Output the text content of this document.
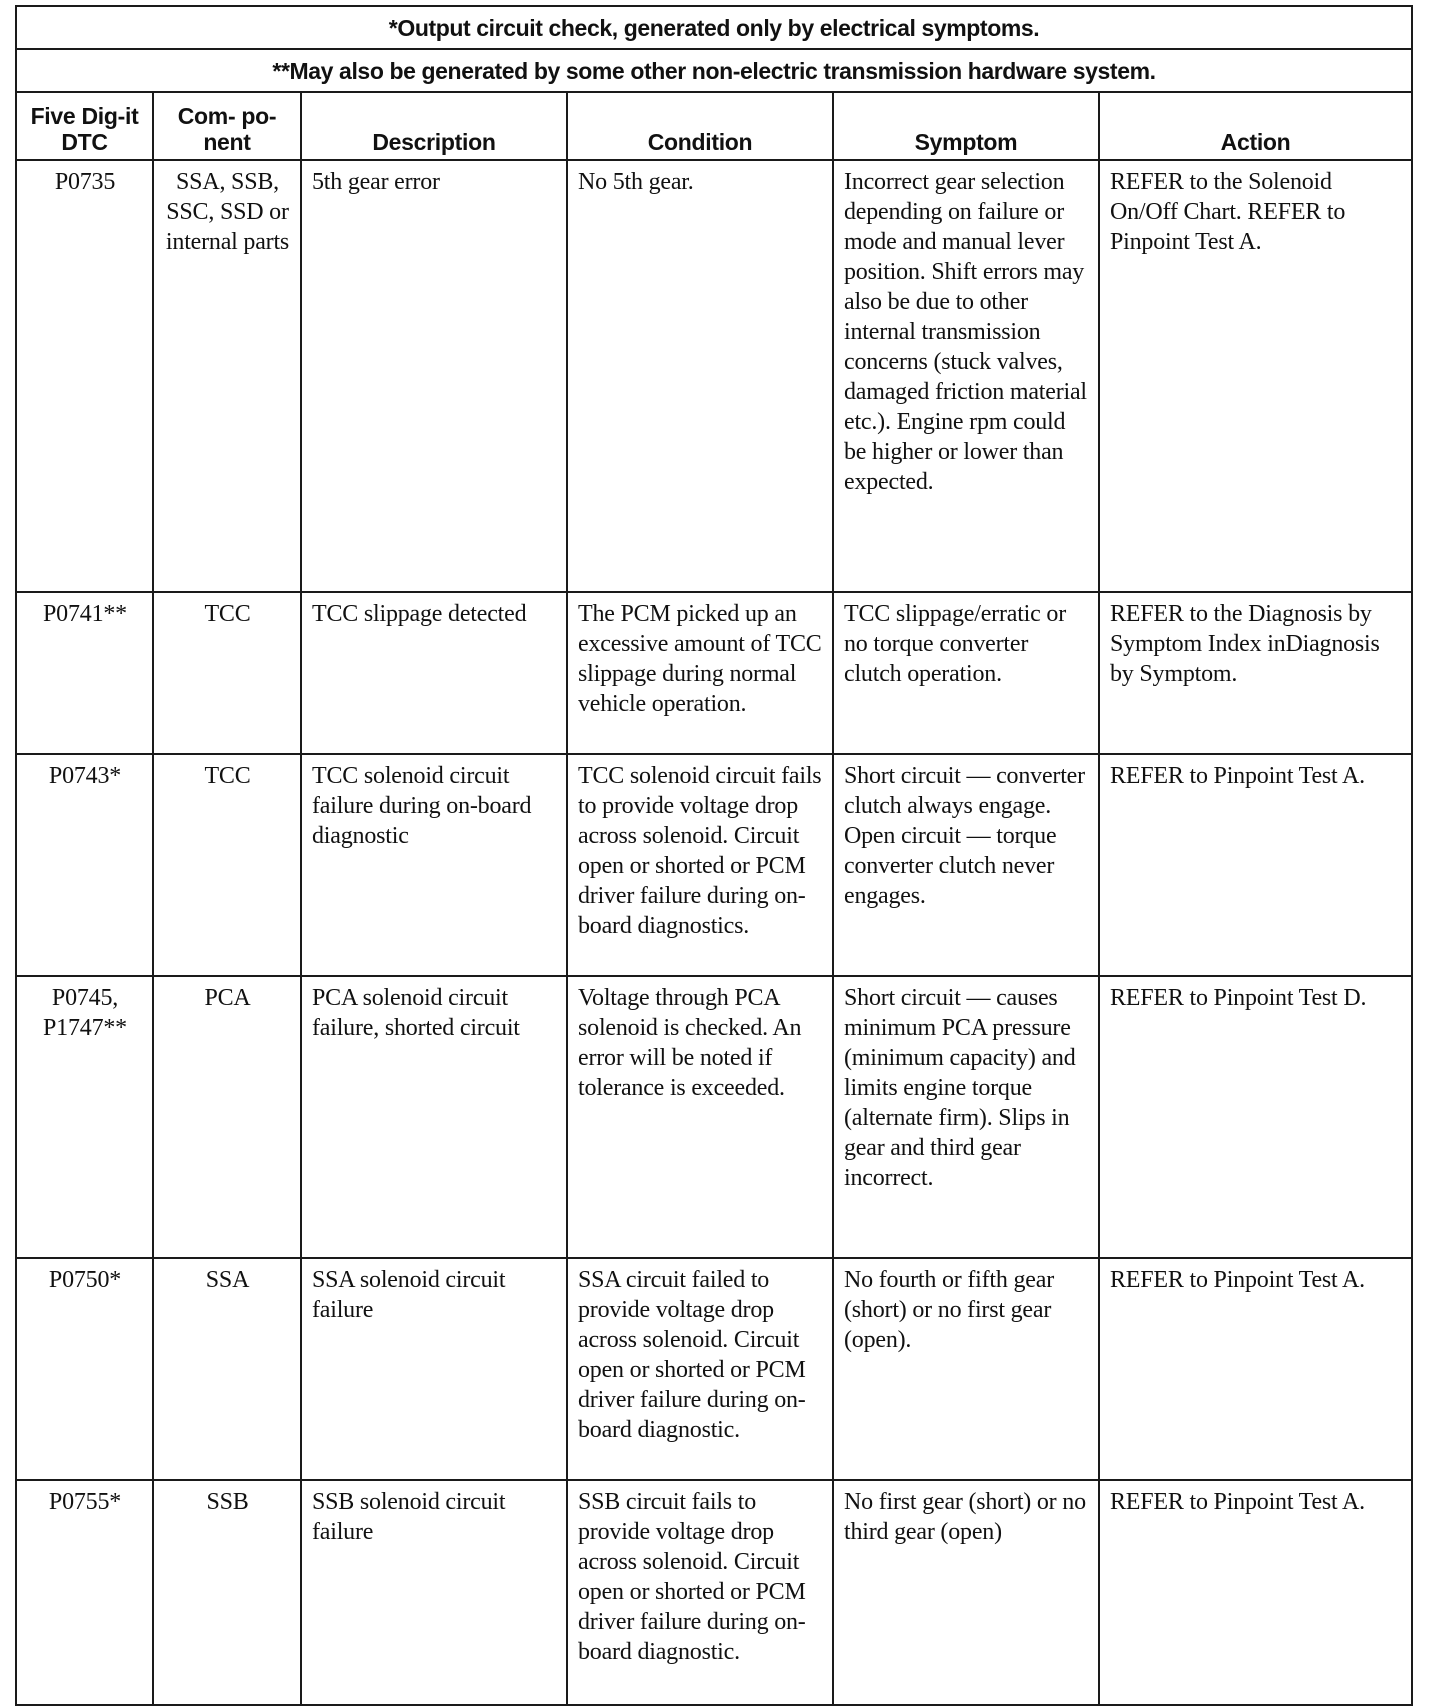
*Output circuit check, generated only by electrical symptoms.					
**May also be generated by some other non-electric transmission hardware system.					
Five Dig-it DTC	Com- po-nent	Description	Condition	Symptom	Action
P0735	SSA, SSB, SSC, SSD or internal parts	5th gear error	No 5th gear.	Incorrect gear selection depending on failure or mode and manual lever position. Shift errors may also be due to other internal transmission concerns (stuck valves, damaged friction material etc.). Engine rpm could be higher or lower than expected.	REFER to the Solenoid On/Off Chart. REFER to Pinpoint Test A.
P0741**	TCC	TCC slippage detected	The PCM picked up an excessive amount of TCC slippage during normal vehicle operation.	TCC slippage/erratic or no torque converter clutch operation.	REFER to the Diagnosis by Symptom Index inDiagnosis by Symptom.
P0743*	TCC	TCC solenoid circuit failure during on-board diagnostic	TCC solenoid circuit fails to provide voltage drop across solenoid. Circuit open or shorted or PCM driver failure during on-board diagnostics.	Short circuit — converter clutch always engage. Open circuit — torque converter clutch never engages.	REFER to Pinpoint Test A.
P0745, P1747**	PCA	PCA solenoid circuit failure, shorted circuit	Voltage through PCA solenoid is checked. An error will be noted if tolerance is exceeded.	Short circuit — causes minimum PCA pressure (minimum capacity) and limits engine torque (alternate firm). Slips in gear and third gear incorrect.	REFER to Pinpoint Test D.
P0750*	SSA	SSA solenoid circuit failure	SSA circuit failed to provide voltage drop across solenoid. Circuit open or shorted or PCM driver failure during on-board diagnostic.	No fourth or fifth gear (short) or no first gear (open).	REFER to Pinpoint Test A.
P0755*	SSB	SSB solenoid circuit failure	SSB circuit fails to provide voltage drop across solenoid. Circuit open or shorted or PCM driver failure during on-board diagnostic.	No first gear (short) or no third gear (open)	REFER to Pinpoint Test A.
